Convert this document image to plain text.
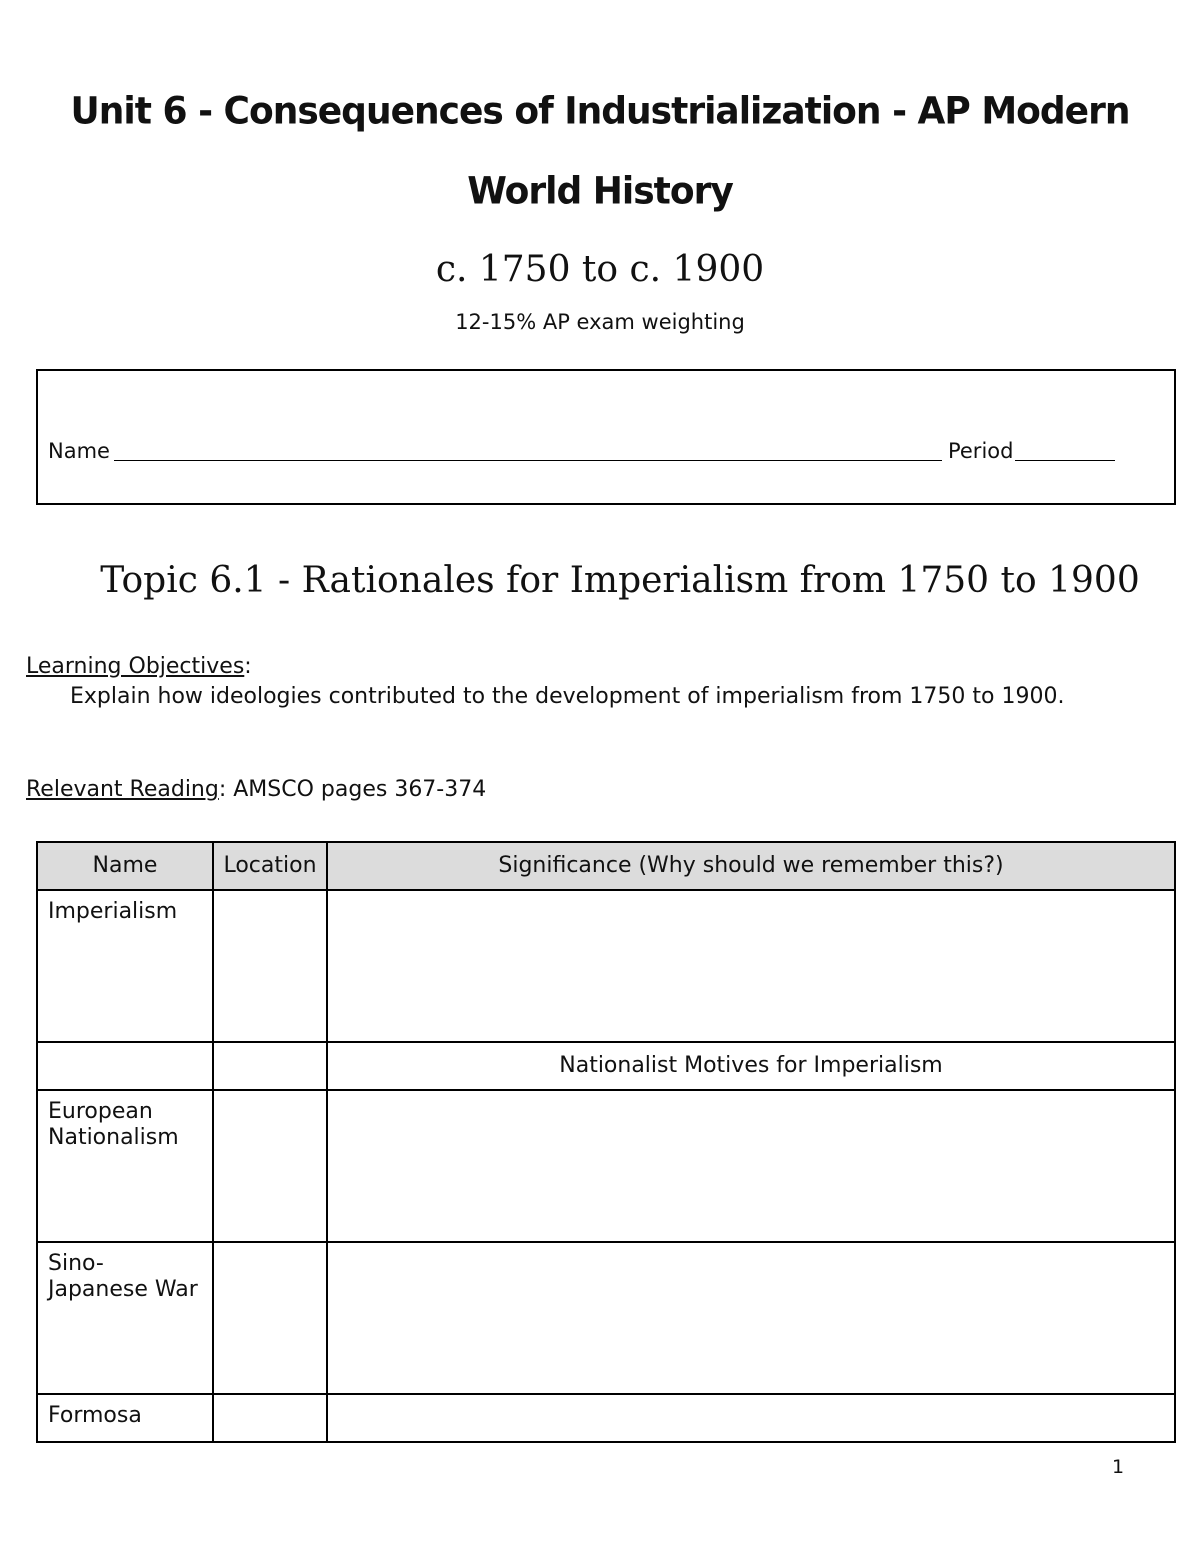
Unit 6 - Consequences of Industrialization - AP Modern World History
c. 1750 to c. 1900
12-15% AP exam weighting
Name	Period
Topic 6.1 - Rationales for Imperialism from 1750 to 1900
Learning Objectives:
Explain how ideologies contributed to the development of imperialism from 1750 to 1900.
Relevant Reading: AMSCO pages 367-374
Name	Location	Significance (Why should we remember this?)
Imperialism		
		Nationalist Motives for Imperialism
European Nationalism		
Sino-Japanese War		
Formosa		
1
